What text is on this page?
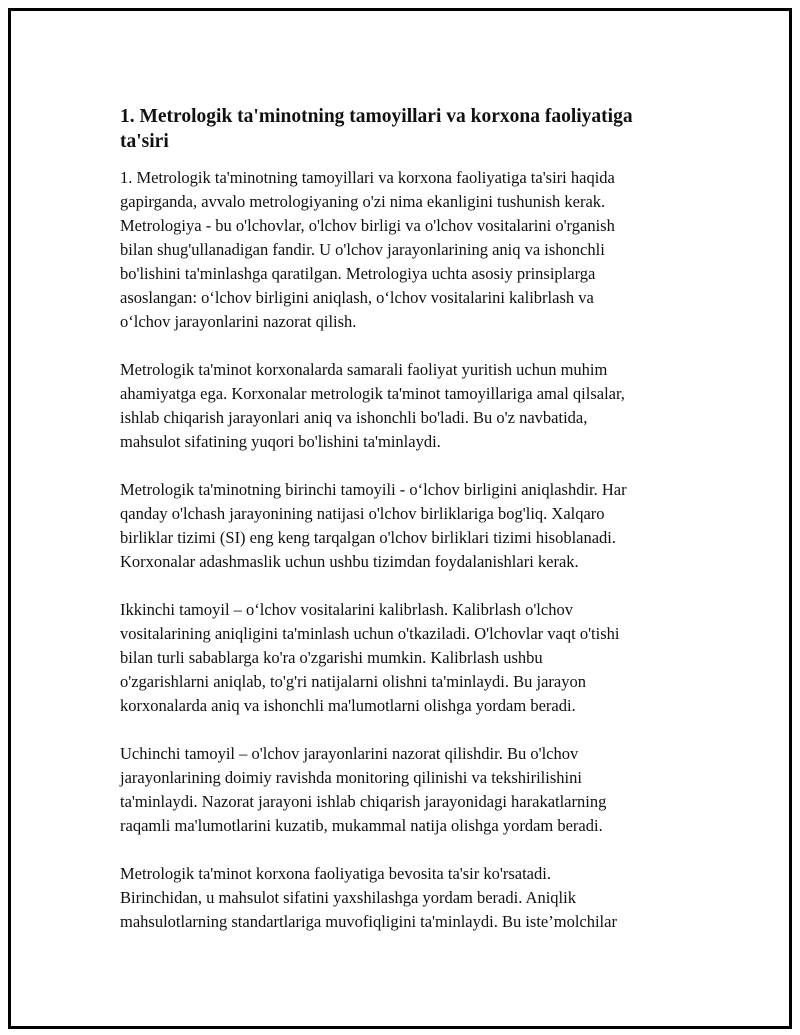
1. Metrologik ta'minotning tamoyillari va korxona faoliyatiga
ta'siri

1. Metrologik ta'minotning tamoyillari va korxona faoliyatiga ta'siri haqida
gapirganda, avvalo metrologiyaning o'zi nima ekanligini tushunish kerak.
Metrologiya - bu o'lchovlar, o'lchov birligi va o'lchov vositalarini o'rganish
bilan shug'ullanadigan fandir. U o'lchov jarayonlarining aniq va ishonchli
bo'lishini ta'minlashga qaratilgan. Metrologiya uchta asosiy prinsiplarga
asoslangan: o‘lchov birligini aniqlash, o‘lchov vositalarini kalibrlash va
o‘lchov jarayonlarini nazorat qilish.

Metrologik ta'minot korxonalarda samarali faoliyat yuritish uchun muhim
ahamiyatga ega. Korxonalar metrologik ta'minot tamoyillariga amal qilsalar,
ishlab chiqarish jarayonlari aniq va ishonchli bo'ladi. Bu o'z navbatida,
mahsulot sifatining yuqori bo'lishini ta'minlaydi.

Metrologik ta'minotning birinchi tamoyili - o‘lchov birligini aniqlashdir. Har
qanday o'lchash jarayonining natijasi o'lchov birliklariga bog'liq. Xalqaro
birliklar tizimi (SI) eng keng tarqalgan o'lchov birliklari tizimi hisoblanadi.
Korxonalar adashmaslik uchun ushbu tizimdan foydalanishlari kerak.

Ikkinchi tamoyil – o‘lchov vositalarini kalibrlash. Kalibrlash o'lchov
vositalarining aniqligini ta'minlash uchun o'tkaziladi. O'lchovlar vaqt o'tishi
bilan turli sabablarga ko'ra o'zgarishi mumkin. Kalibrlash ushbu
o'zgarishlarni aniqlab, to'g'ri natijalarni olishni ta'minlaydi. Bu jarayon
korxonalarda aniq va ishonchli ma'lumotlarni olishga yordam beradi.

Uchinchi tamoyil – o'lchov jarayonlarini nazorat qilishdir. Bu o'lchov
jarayonlarining doimiy ravishda monitoring qilinishi va tekshirilishini
ta'minlaydi. Nazorat jarayoni ishlab chiqarish jarayonidagi harakatlarning
raqamli ma'lumotlarini kuzatib, mukammal natija olishga yordam beradi.

Metrologik ta'minot korxona faoliyatiga bevosita ta'sir ko'rsatadi.
Birinchidan, u mahsulot sifatini yaxshilashga yordam beradi. Aniqlik
mahsulotlarning standartlariga muvofiqligini ta'minlaydi. Bu iste’molchilar
